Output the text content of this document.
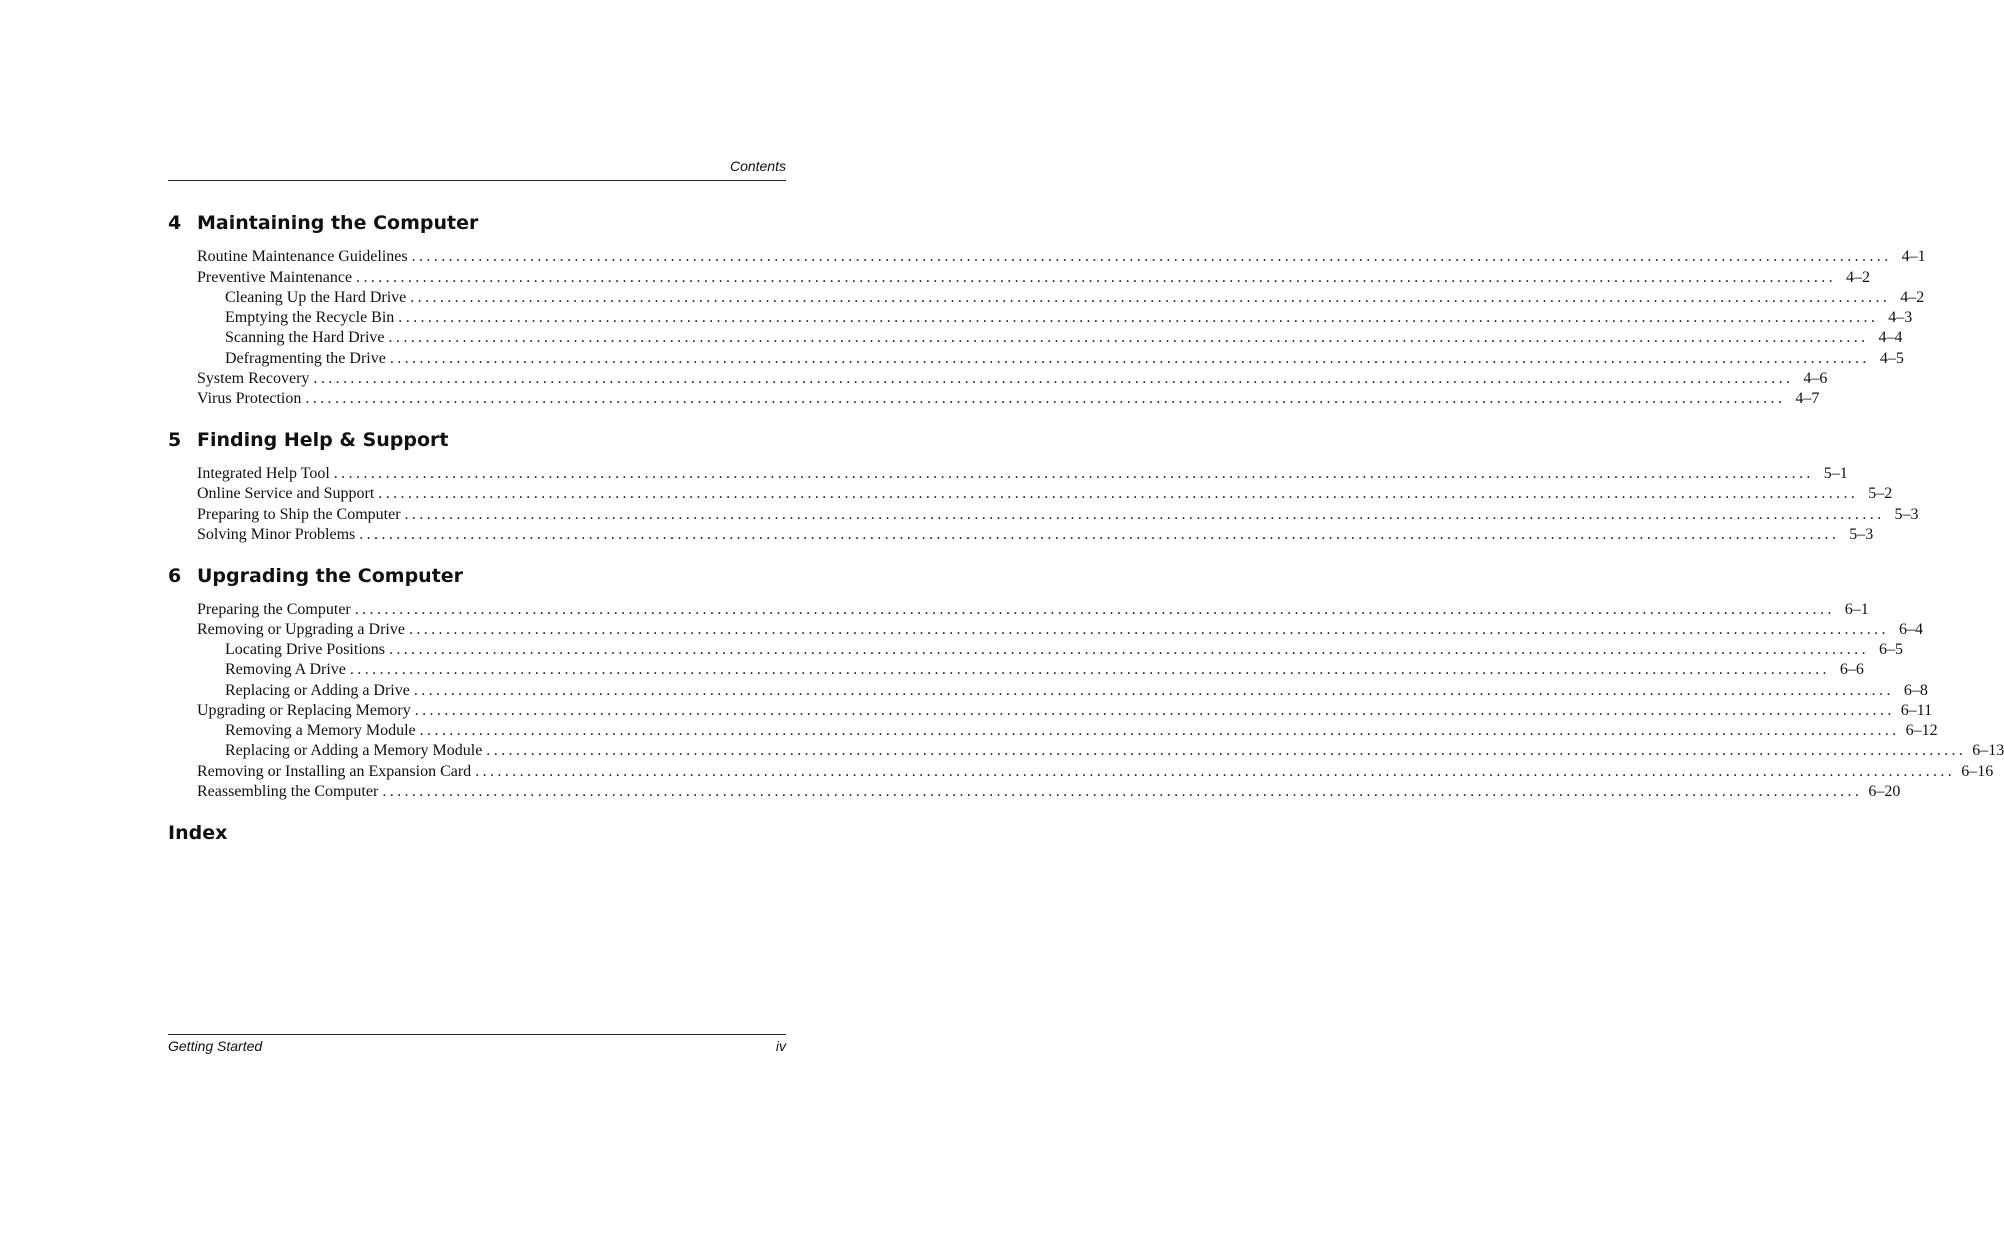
Contents
4 Maintaining the Computer
Routine Maintenance Guidelines ........................................................................................................................................................................................................ 4–1
Preventive Maintenance ........................................................................................................................................................................................................ 4–2
Cleaning Up the Hard Drive ........................................................................................................................................................................................................ 4–2
Emptying the Recycle Bin ........................................................................................................................................................................................................ 4–3
Scanning the Hard Drive ........................................................................................................................................................................................................ 4–4
Defragmenting the Drive ........................................................................................................................................................................................................ 4–5
System Recovery ........................................................................................................................................................................................................ 4–6
Virus Protection ........................................................................................................................................................................................................ 4–7
5 Finding Help & Support
Integrated Help Tool ........................................................................................................................................................................................................ 5–1
Online Service and Support ........................................................................................................................................................................................................ 5–2
Preparing to Ship the Computer ........................................................................................................................................................................................................ 5–3
Solving Minor Problems ........................................................................................................................................................................................................ 5–3
6 Upgrading the Computer
Preparing the Computer ........................................................................................................................................................................................................ 6–1
Removing or Upgrading a Drive ........................................................................................................................................................................................................ 6–4
Locating Drive Positions ........................................................................................................................................................................................................ 6–5
Removing A Drive ........................................................................................................................................................................................................ 6–6
Replacing or Adding a Drive ........................................................................................................................................................................................................ 6–8
Upgrading or Replacing Memory ........................................................................................................................................................................................................ 6–11
Removing a Memory Module ........................................................................................................................................................................................................ 6–12
Replacing or Adding a Memory Module ........................................................................................................................................................................................................ 6–13
Removing or Installing an Expansion Card ........................................................................................................................................................................................................ 6–16
Reassembling the Computer ........................................................................................................................................................................................................ 6–20
Index
Getting Started	iv
